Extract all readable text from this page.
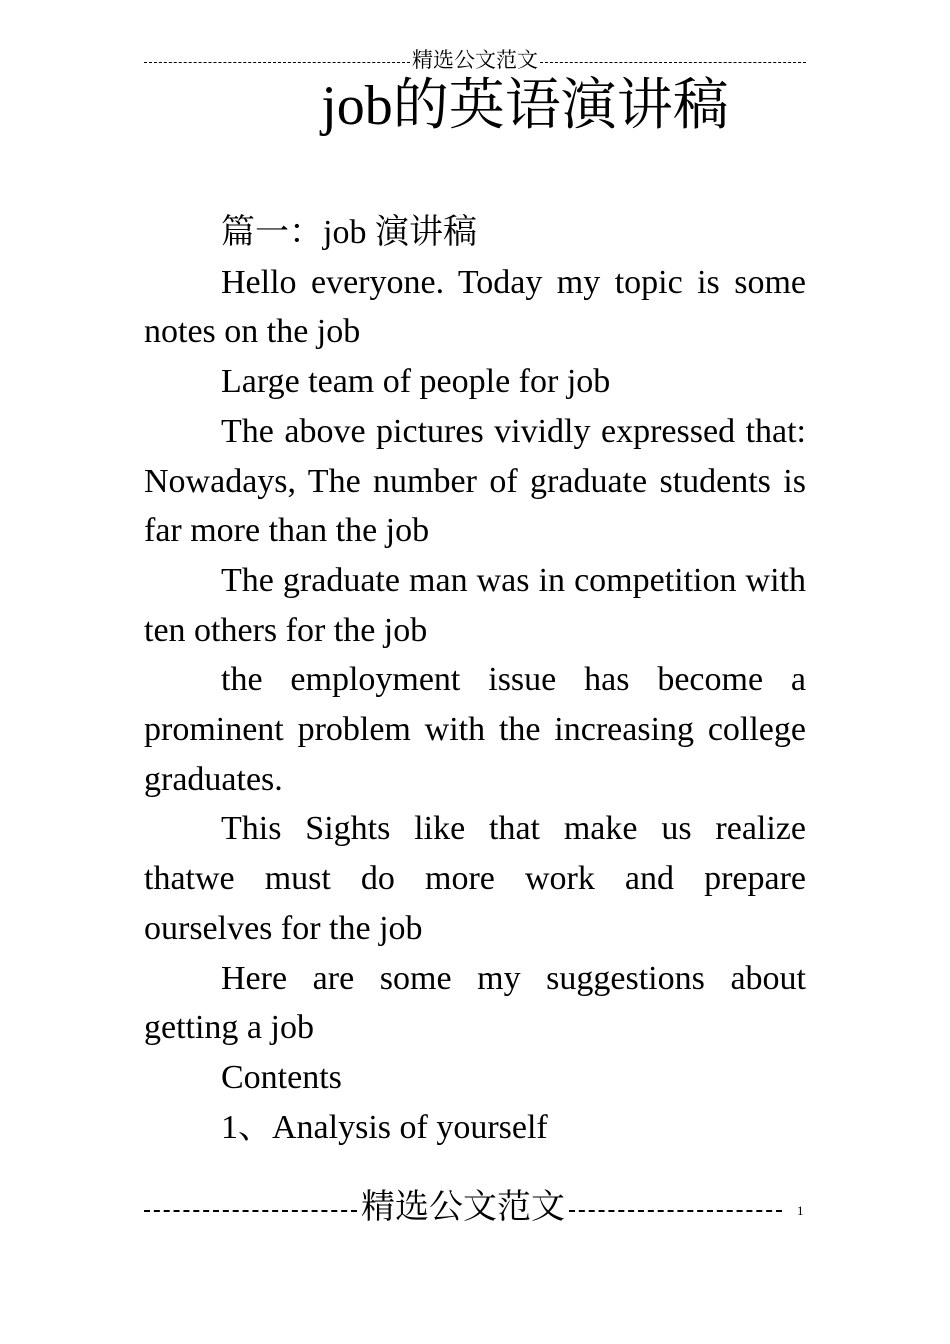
精选公文范文
job的英语演讲稿

篇一：job 演讲稿

Hello everyone. Today my topic is some notes on the job

Large team of people for job

The above pictures vividly expressed that: Nowadays, The number of graduate students is far more than the job

The graduate man was in competition with ten others for the job

the employment issue has become a prominent problem with the increasing college graduates.

This Sights like that make us realize thatwe must do more work and prepare ourselves for the job

Here are some my suggestions about getting a job

Contents

1、Analysis of yourself

精选公文范文	1
